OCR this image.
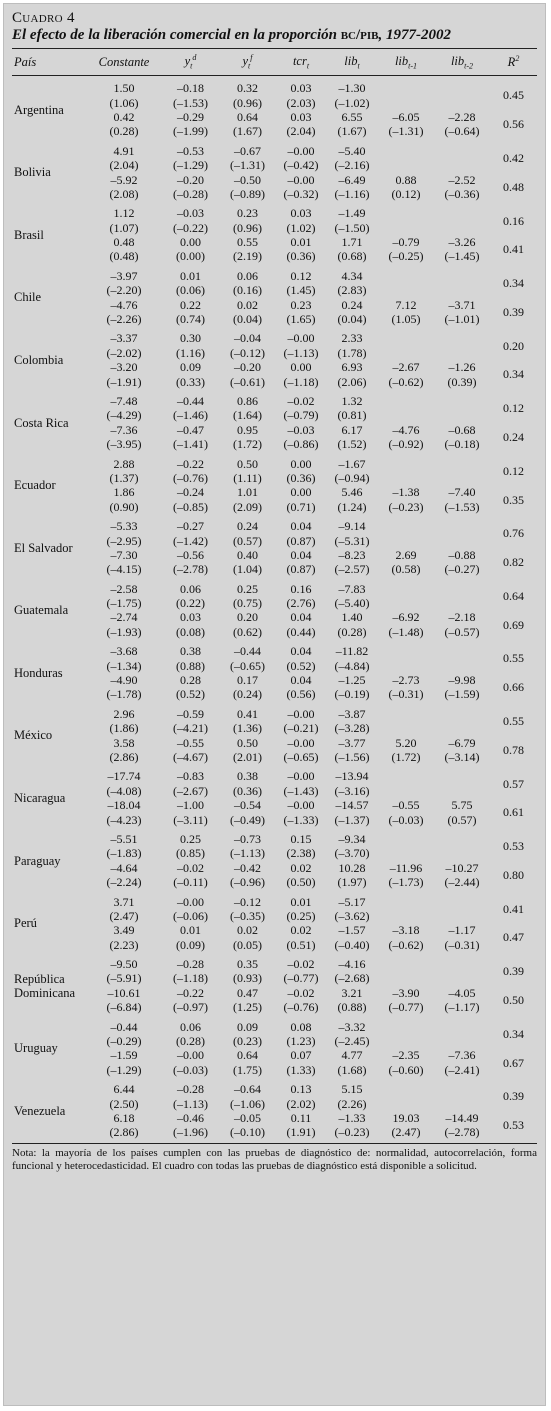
Cuadro 4
El efecto de la liberación comercial en la proporción bc/pib, 1977-2002
País	Constante	$y_t^d$	$y_t^f$	tcr$_t$	lib$_t$	lib$_{t-1}$	lib$_{t-2}$	$R^2$

Argentina	1.50	–0.18	0.32	0.03	–1.30			0.45
	(1.06)	(–1.53)	(0.96)	(2.03)	(–1.02)			
	0.42	–0.29	0.64	0.03	6.55	–6.05	–2.28	0.56
	(0.28)	(–1.99)	(1.67)	(2.04)	(1.67)	(–1.31)	(–0.64)	

Bolivia	4.91	–0.53	–0.67	–0.00	–5.40			0.42
	(2.04)	(–1.29)	(–1.31)	(–0.42)	(–2.16)			
	–5.92	–0.20	–0.50	–0.00	–6.49	0.88	–2.52	0.48
	(2.08)	(–0.28)	(–0.89)	(–0.32)	(–1.16)	(0.12)	(–0.36)	

Brasil	1.12	–0.03	0.23	0.03	–1.49			0.16
	(1.07)	(–0.22)	(0.96)	(1.02)	(–1.50)			
	0.48	0.00	0.55	0.01	1.71	–0.79	–3.26	0.41
	(0.48)	(0.00)	(2.19)	(0.36)	(0.68)	(–0.25)	(–1.45)	

Chile	–3.97	0.01	0.06	0.12	4.34			0.34
	(–2.20)	(0.06)	(0.16)	(1.45)	(2.83)			
	–4.76	0.22	0.02	0.23	0.24	7.12	–3.71	0.39
	(–2.26)	(0.74)	(0.04)	(1.65)	(0.04)	(1.05)	(–1.01)	

Colombia	–3.37	0.30	–0.04	–0.00	2.33			0.20
	(–2.02)	(1.16)	(–0.12)	(–1.13)	(1.78)			
	–3.20	0.09	–0.20	0.00	6.93	–2.67	–1.26	0.34
	(–1.91)	(0.33)	(–0.61)	(–1.18)	(2.06)	(–0.62)	(0.39)	

Costa Rica	–7.48	–0.44	0.86	–0.02	1.32			0.12
	(–4.29)	(–1.46)	(1.64)	(–0.79)	(0.81)			
	–7.36	–0.47	0.95	–0.03	6.17	–4.76	–0.68	0.24
	(–3.95)	(–1.41)	(1.72)	(–0.86)	(1.52)	(–0.92)	(–0.18)	

Ecuador	2.88	–0.22	0.50	0.00	–1.67			0.12
	(1.37)	(–0.76)	(1.11)	(0.36)	(–0.94)			
	1.86	–0.24	1.01	0.00	5.46	–1.38	–7.40	0.35
	(0.90)	(–0.85)	(2.09)	(0.71)	(1.24)	(–0.23)	(–1.53)	

El Salvador	–5.33	–0.27	0.24	0.04	–9.14			0.76
	(–2.95)	(–1.42)	(0.57)	(0.87)	(–5.31)			
	–7.30	–0.56	0.40	0.04	–8.23	2.69	–0.88	0.82
	(–4.15)	(–2.78)	(1.04)	(0.87)	(–2.57)	(0.58)	(–0.27)	

Guatemala	–2.58	0.06	0.25	0.16	–7.83			0.64
	(–1.75)	(0.22)	(0.75)	(2.76)	(–5.40)			
	–2.74	0.03	0.20	0.04	1.40	–6.92	–2.18	0.69
	(–1.93)	(0.08)	(0.62)	(0.44)	(0.28)	(–1.48)	(–0.57)	

Honduras	–3.68	0.38	–0.44	0.04	–11.82			0.55
	(–1.34)	(0.88)	(–0.65)	(0.52)	(–4.84)			
	–4.90	0.28	0.17	0.04	–1.25	–2.73	–9.98	0.66
	(–1.78)	(0.52)	(0.24)	(0.56)	(–0.19)	(–0.31)	(–1.59)	

México	2.96	–0.59	0.41	–0.00	–3.87			0.55
	(1.86)	(–4.21)	(1.36)	(–0.21)	(–3.28)			
	3.58	–0.55	0.50	–0.00	–3.77	5.20	–6.79	0.78
	(2.86)	(–4.67)	(2.01)	(–0.65)	(–1.56)	(1.72)	(–3.14)	

Nicaragua	–17.74	–0.83	0.38	–0.00	–13.94			0.57
	(–4.08)	(–2.67)	(0.36)	(–1.43)	(–3.16)			
	–18.04	–1.00	–0.54	–0.00	–14.57	–0.55	5.75	0.61
	(–4.23)	(–3.11)	(–0.49)	(–1.33)	(–1.37)	(–0.03)	(0.57)	

Paraguay	–5.51	0.25	–0.73	0.15	–9.34			0.53
	(–1.83)	(0.85)	(–1.13)	(2.38)	(–3.70)			
	–4.64	–0.02	–0.42	0.02	10.28	–11.96	–10.27	0.80
	(–2.24)	(–0.11)	(–0.96)	(0.50)	(1.97)	(–1.73)	(–2.44)	

Perú	3.71	–0.00	–0.12	0.01	–5.17			0.41
	(2.47)	(–0.06)	(–0.35)	(0.25)	(–3.62)			
	3.49	0.01	0.02	0.02	–1.57	–3.18	–1.17	0.47
	(2.23)	(0.09)	(0.05)	(0.51)	(–0.40)	(–0.62)	(–0.31)	

República Dominicana	–9.50	–0.28	0.35	–0.02	–4.16			0.39
	(–5.91)	(–1.18)	(0.93)	(–0.77)	(–2.68)			
	–10.61	–0.22	0.47	–0.02	3.21	–3.90	–4.05	0.50
	(–6.84)	(–0.97)	(1.25)	(–0.76)	(0.88)	(–0.77)	(–1.17)	

Uruguay	–0.44	0.06	0.09	0.08	–3.32			0.34
	(–0.29)	(0.28)	(0.23)	(1.23)	(–2.45)			
	–1.59	–0.00	0.64	0.07	4.77	–2.35	–7.36	0.67
	(–1.29)	(–0.03)	(1.75)	(1.33)	(1.68)	(–0.60)	(–2.41)	

Venezuela	6.44	–0.28	–0.64	0.13	5.15			0.39
	(2.50)	(–1.13)	(–1.06)	(2.02)	(2.26)			
	6.18	–0.46	–0.05	0.11	–1.33	19.03	–14.49	0.53
	(2.86)	(–1.96)	(–0.10)	(1.91)	(–0.23)	(2.47)	(–2.78)	
Nota: la mayoría de los países cumplen con las pruebas de diagnóstico de: normalidad, autocorrelación, forma funcional y heterocedasticidad. El cuadro con todas las pruebas de diagnóstico está disponible a solicitud.
